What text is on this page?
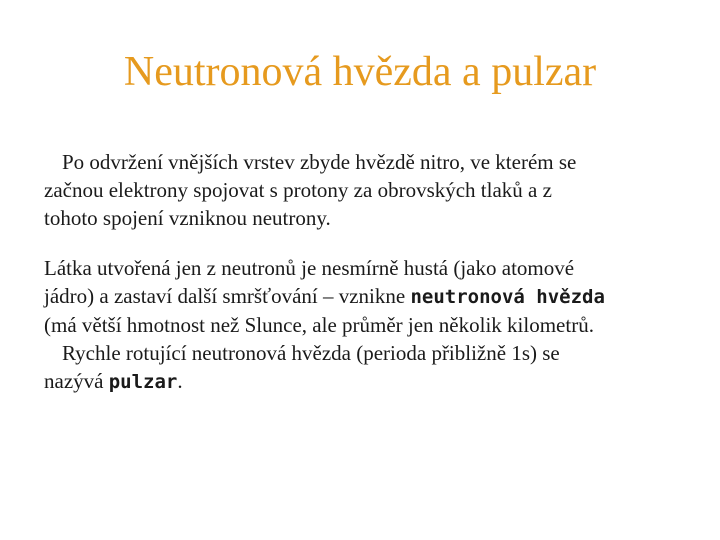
Neutronová hvězda a pulzar
Po odvržení vnějších vrstev zbyde hvězdě nitro, ve kterém se
začnou elektrony spojovat s protony za obrovských tlaků a z
tohoto spojení vzniknou neutrony.
Látka utvořená jen z neutronů je nesmírně hustá (jako atomové
jádro) a zastaví další smršťování – vznikne neutronová hvězda
(má větší hmotnost než Slunce, ale průměr jen několik kilometrů.
Rychle rotující neutronová hvězda (perioda přibližně 1s) se
nazývá pulzar.
